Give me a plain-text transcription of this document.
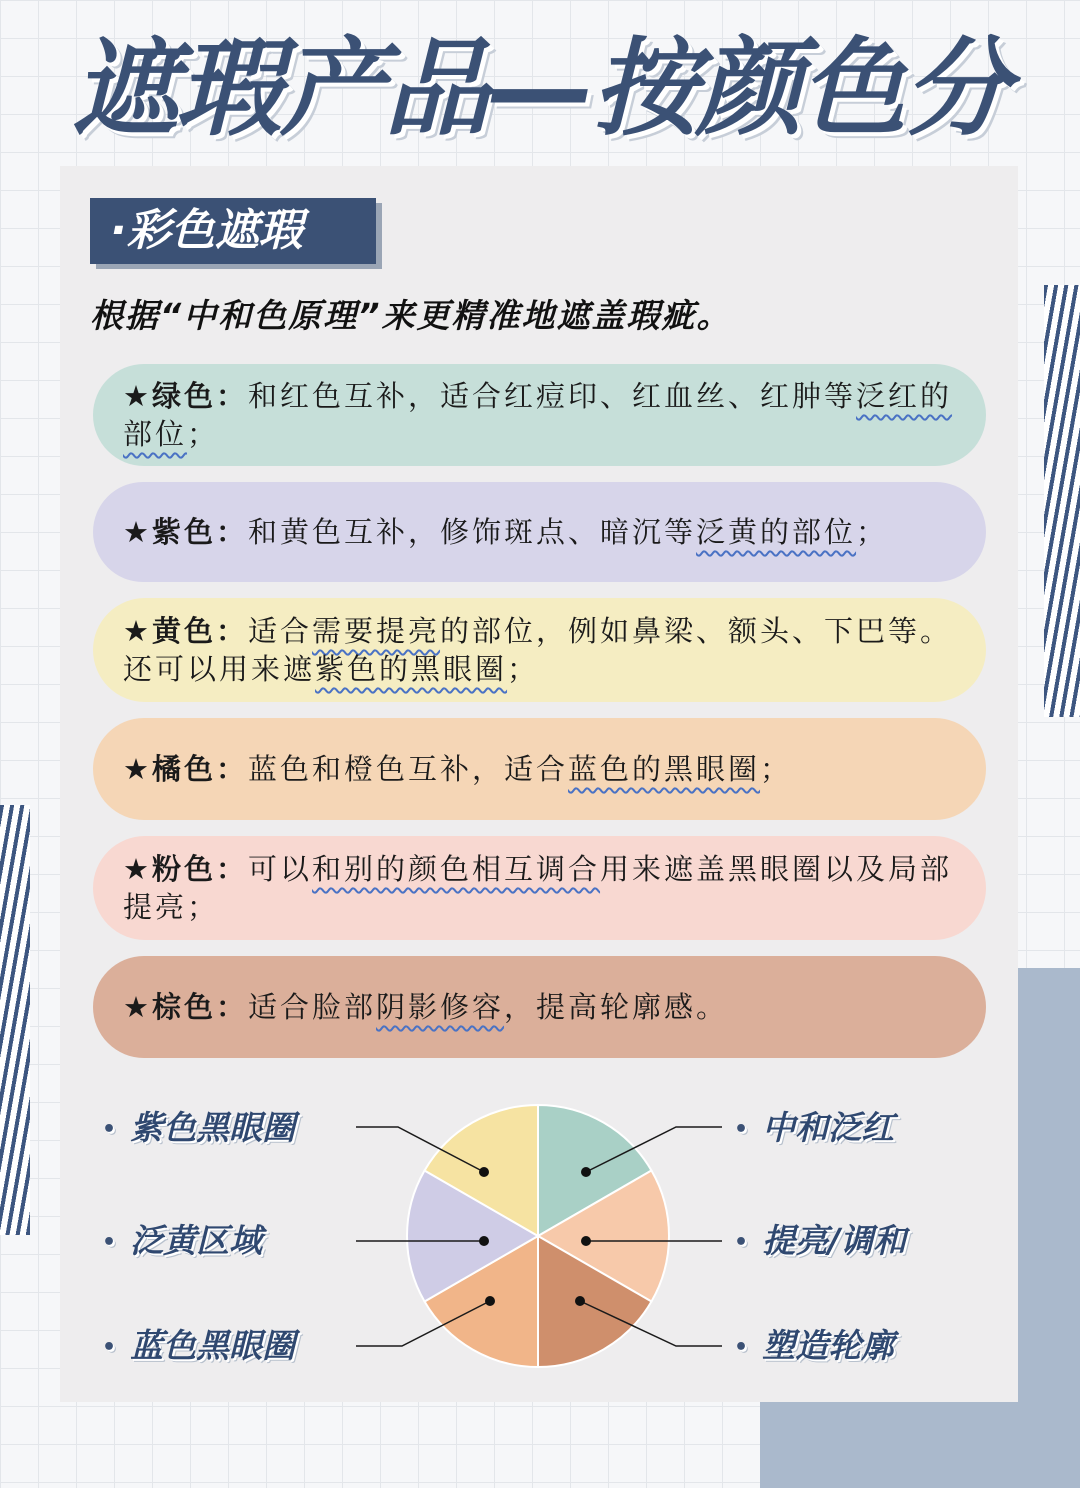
遮瑕产品—按颜色分
·彩色遮瑕
根据“中和色原理”来更精准地遮盖瑕疵。
★绿色：和红色互补，适合红痘印、红血丝、红肿等泛红的部位；
★紫色：和黄色互补，修饰斑点、暗沉等泛黄的部位；
★黄色：适合需要提亮的部位，例如鼻梁、额头、下巴等。还可以用来遮紫色的黑眼圈；
★橘色：蓝色和橙色互补，适合蓝色的黑眼圈；
★粉色：可以和别的颜色相互调合用来遮盖黑眼圈以及局部提亮；
★棕色：适合脸部阴影修容，提高轮廓感。
• 紫色黑眼圈
• 泛黄区域
• 蓝色黑眼圈
• 中和泛红
• 提亮/调和
• 塑造轮廓
